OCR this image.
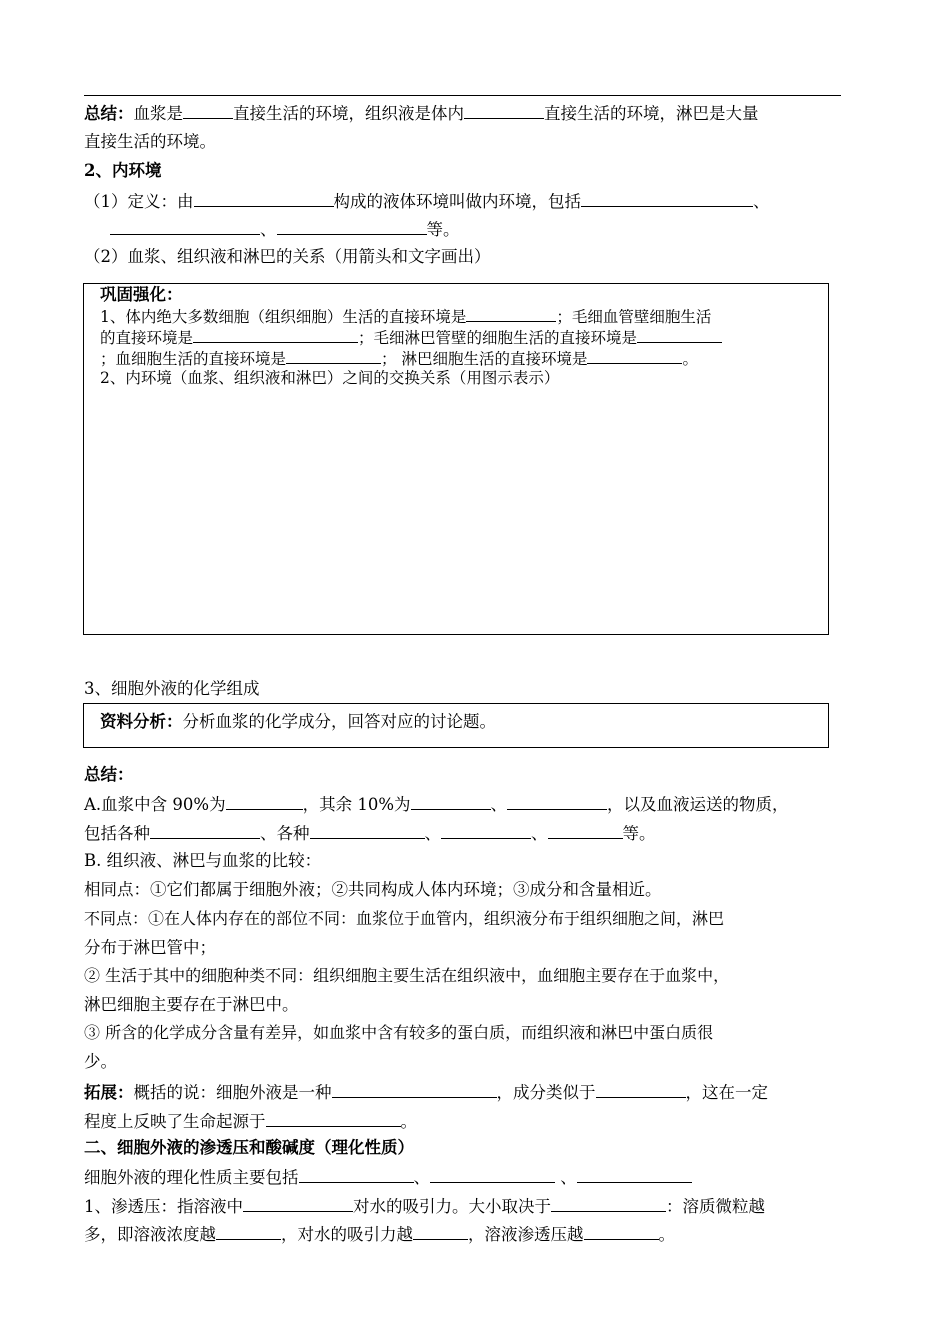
总结：血浆是	直接生活的环境，组织液是体内	直接生活的环境，淋巴是大量
直接生活的环境。
2、内环境
（1）定义：由	构成的液体环境叫做内环境，包括	、
、	等。
（2）血浆、组织液和淋巴的关系（用箭头和文字画出）
巩固强化：
1、体内绝大多数细胞（组织细胞）生活的直接环境是	；毛细血管壁细胞生活
的直接环境是	；毛细淋巴管壁的细胞生活的直接环境是
；血细胞生活的直接环境是	； 淋巴细胞生活的直接环境是	。
2、内环境（血浆、组织液和淋巴）之间的交换关系（用图示表示）
3、细胞外液的化学组成
资料分析：分析血浆的化学成分，回答对应的讨论题。
总结：
A.血浆中含 90%为	，其余 10%为	、	，以及血液运送的物质，
包括各种	、各种	、	、	等。
B. 组织液、淋巴与血浆的比较：
相同点：①它们都属于细胞外液；②共同构成人体内环境；③成分和含量相近。
不同点：①在人体内存在的部位不同：血浆位于血管内，组织液分布于组织细胞之间，淋巴
分布于淋巴管中；
② 生活于其中的细胞种类不同：组织细胞主要生活在组织液中，血细胞主要存在于血浆中，
淋巴细胞主要存在于淋巴中。
③ 所含的化学成分含量有差异，如血浆中含有较多的蛋白质，而组织液和淋巴中蛋白质很
少。
拓展：概括的说：细胞外液是一种	，成分类似于	，这在一定
程度上反映了生命起源于	。
二、细胞外液的渗透压和酸碱度（理化性质）
细胞外液的理化性质主要包括	、	、
1、渗透压：指溶液中	对水的吸引力。大小取决于	：溶质微粒越
多，即溶液浓度越	，对水的吸引力越	，溶液渗透压越	。
